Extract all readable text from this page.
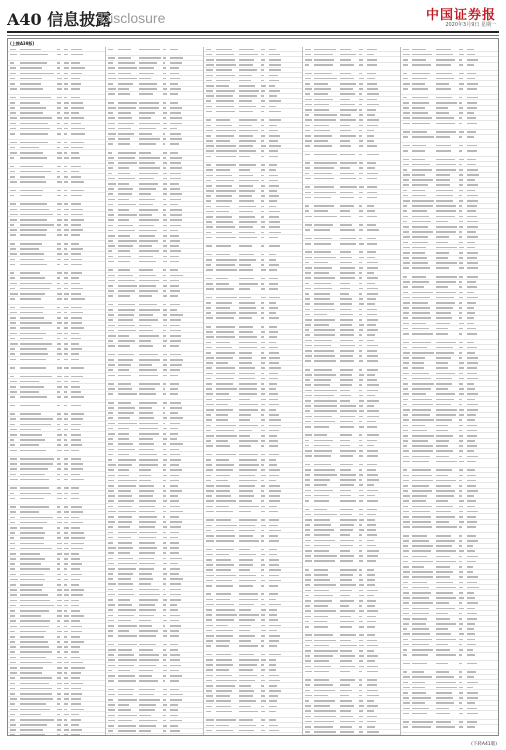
A40 信息披露
Disclosure	中国证券报
2020年3月9日 星期一
(上接A39版)
(下转A41版)
